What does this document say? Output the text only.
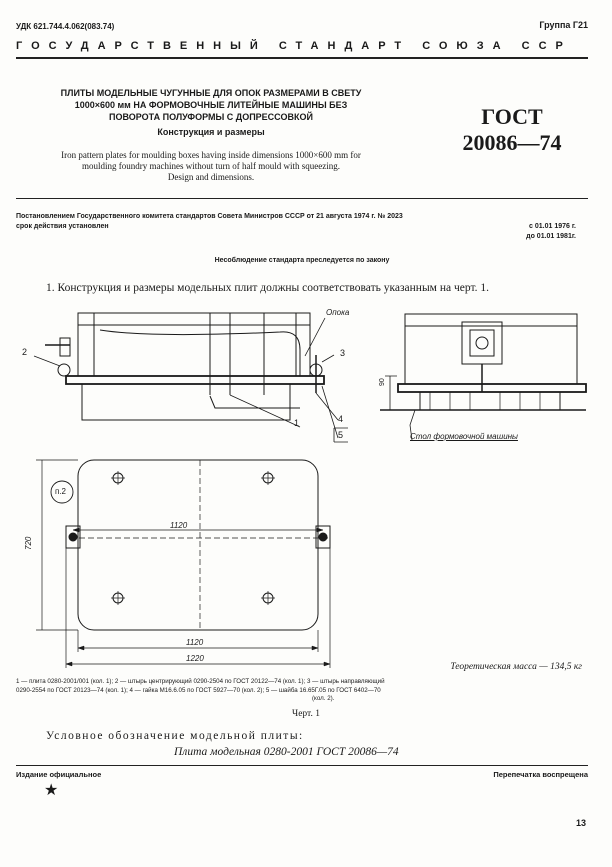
УДК 621.744.4.062(083.74)	Группа Г21
ГОСУДАРСТВЕННЫЙ СТАНДАРТ СОЮЗА ССР
ПЛИТЫ МОДЕЛЬНЫЕ ЧУГУННЫЕ ДЛЯ ОПОК РАЗМЕРАМИ В СВЕТУ
1000×600 мм НА ФОРМОВОЧНЫЕ ЛИТЕЙНЫЕ МАШИНЫ БЕЗ
ПОВОРОТА ПОЛУФОРМЫ С ДОПРЕССОВКОЙ
Конструкция и размеры
Iron pattern plates for moulding boxes having inside dimensions 1000×600 mm for
moulding foundry machines without turn of half mould with squeezing.
Design and dimensions.
ГОСТ
20086—74
Постановлением Государственного комитета стандартов Совета Министров СССР от 21 августа 1974 г. № 2023
срок действия установлен	с 01.01 1976 г.
до 01.01 1981г.
Несоблюдение стандарта преследуется по закону
1. Конструкция и размеры модельных плит должны соответствовать указанным на черт. 1.
Опока
2	3
1	4
5
90
Стол формовочной машины
п.2
1120
720
1120
1220
Теоретическая масса — 134,5 кг
1 — плита 0280-2001/001 (кол. 1); 2 — штырь центрирующий 0290-2504 по ГОСТ 20122—74 (кол. 1); 3 — штырь направляющий
0290-2554 по ГОСТ 20123—74 (кол. 1); 4 — гайка М16.6.05 по ГОСТ 5927—70 (кол. 2); 5 — шайба 16.65Г.05 по ГОСТ 6402—70
(кол. 2).
Черт. 1
Условное обозначение модельной плиты:
Плита модельная 0280-2001 ГОСТ 20086—74
Издание официальное	Перепечатка воспрещена
★
13
